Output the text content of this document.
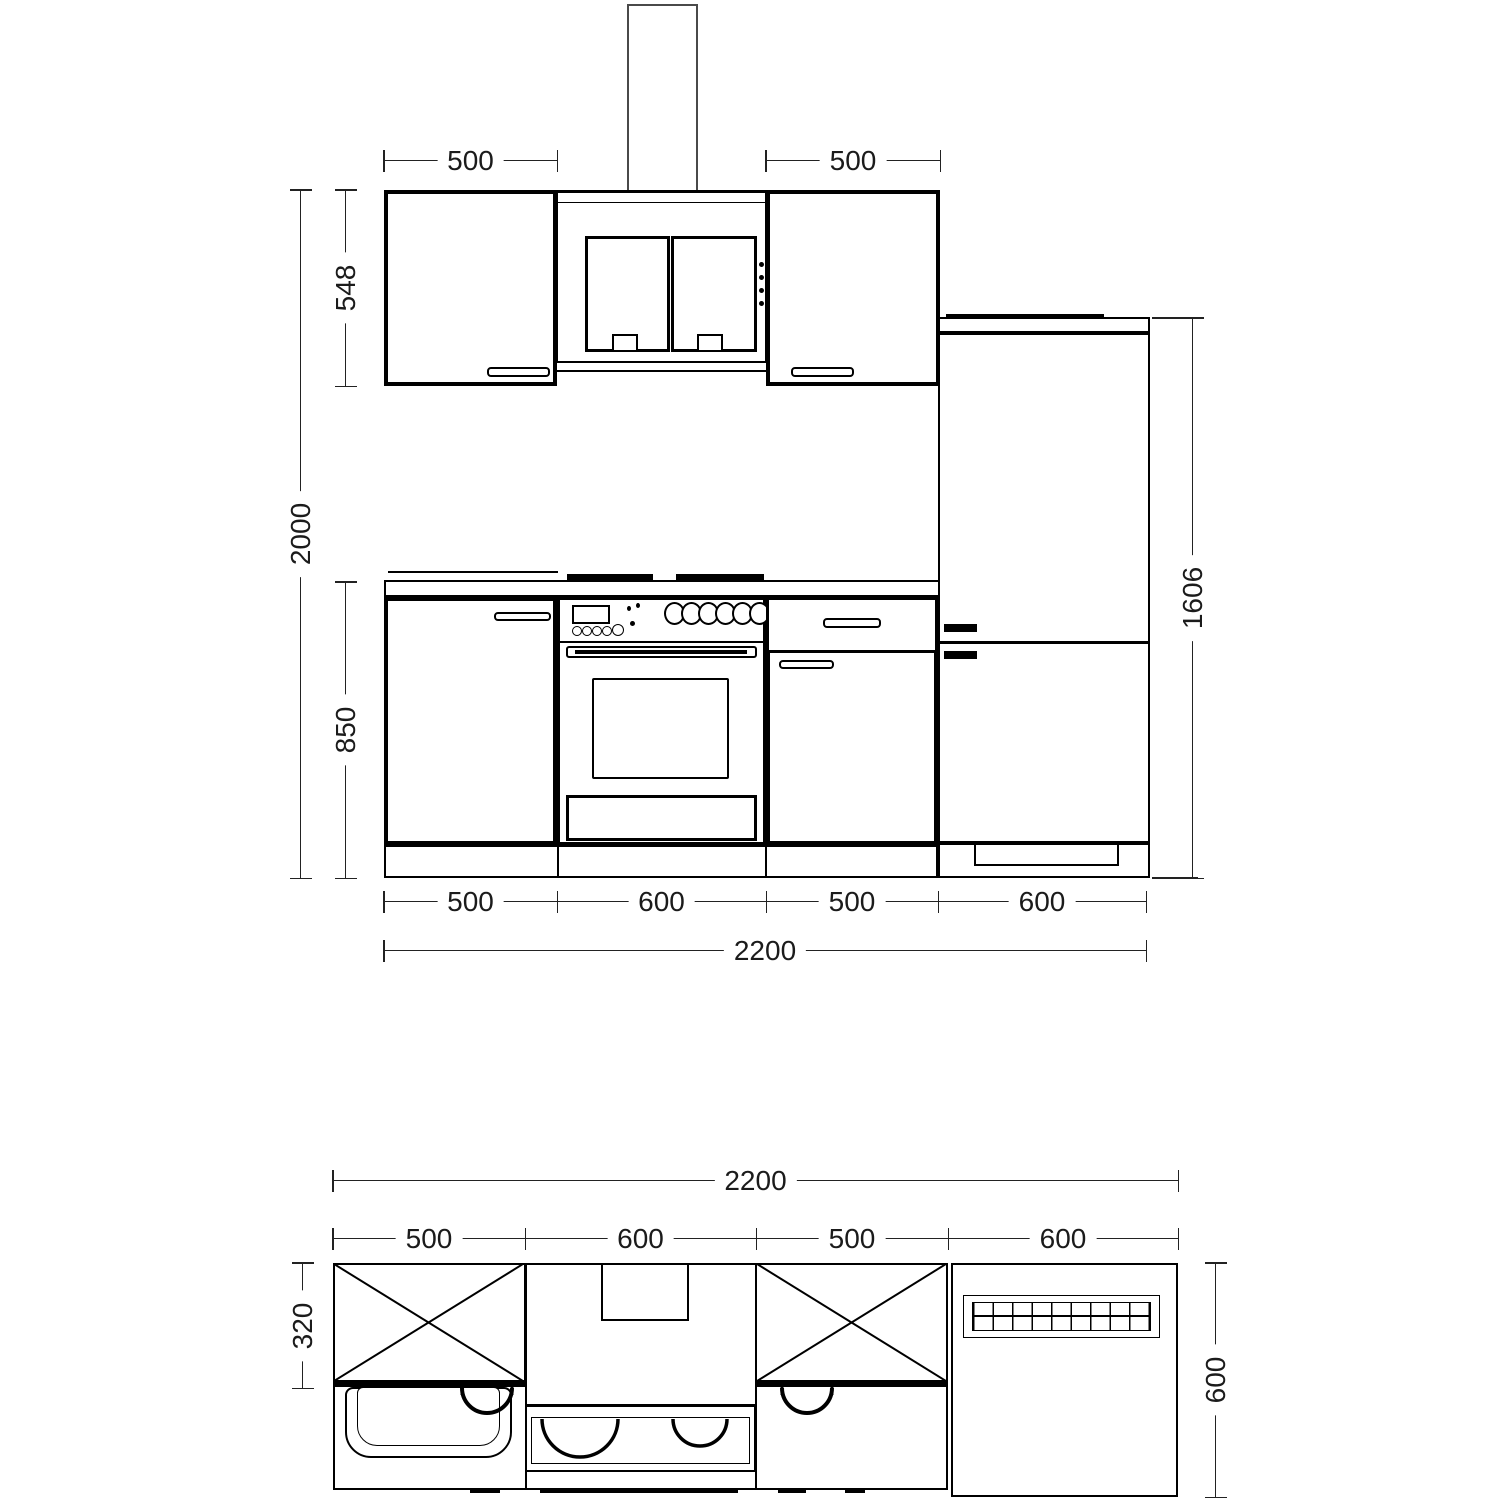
500	500
2000
548
850
1606
500	600	500	600
2200
2200
500	600	500	600
320
600
